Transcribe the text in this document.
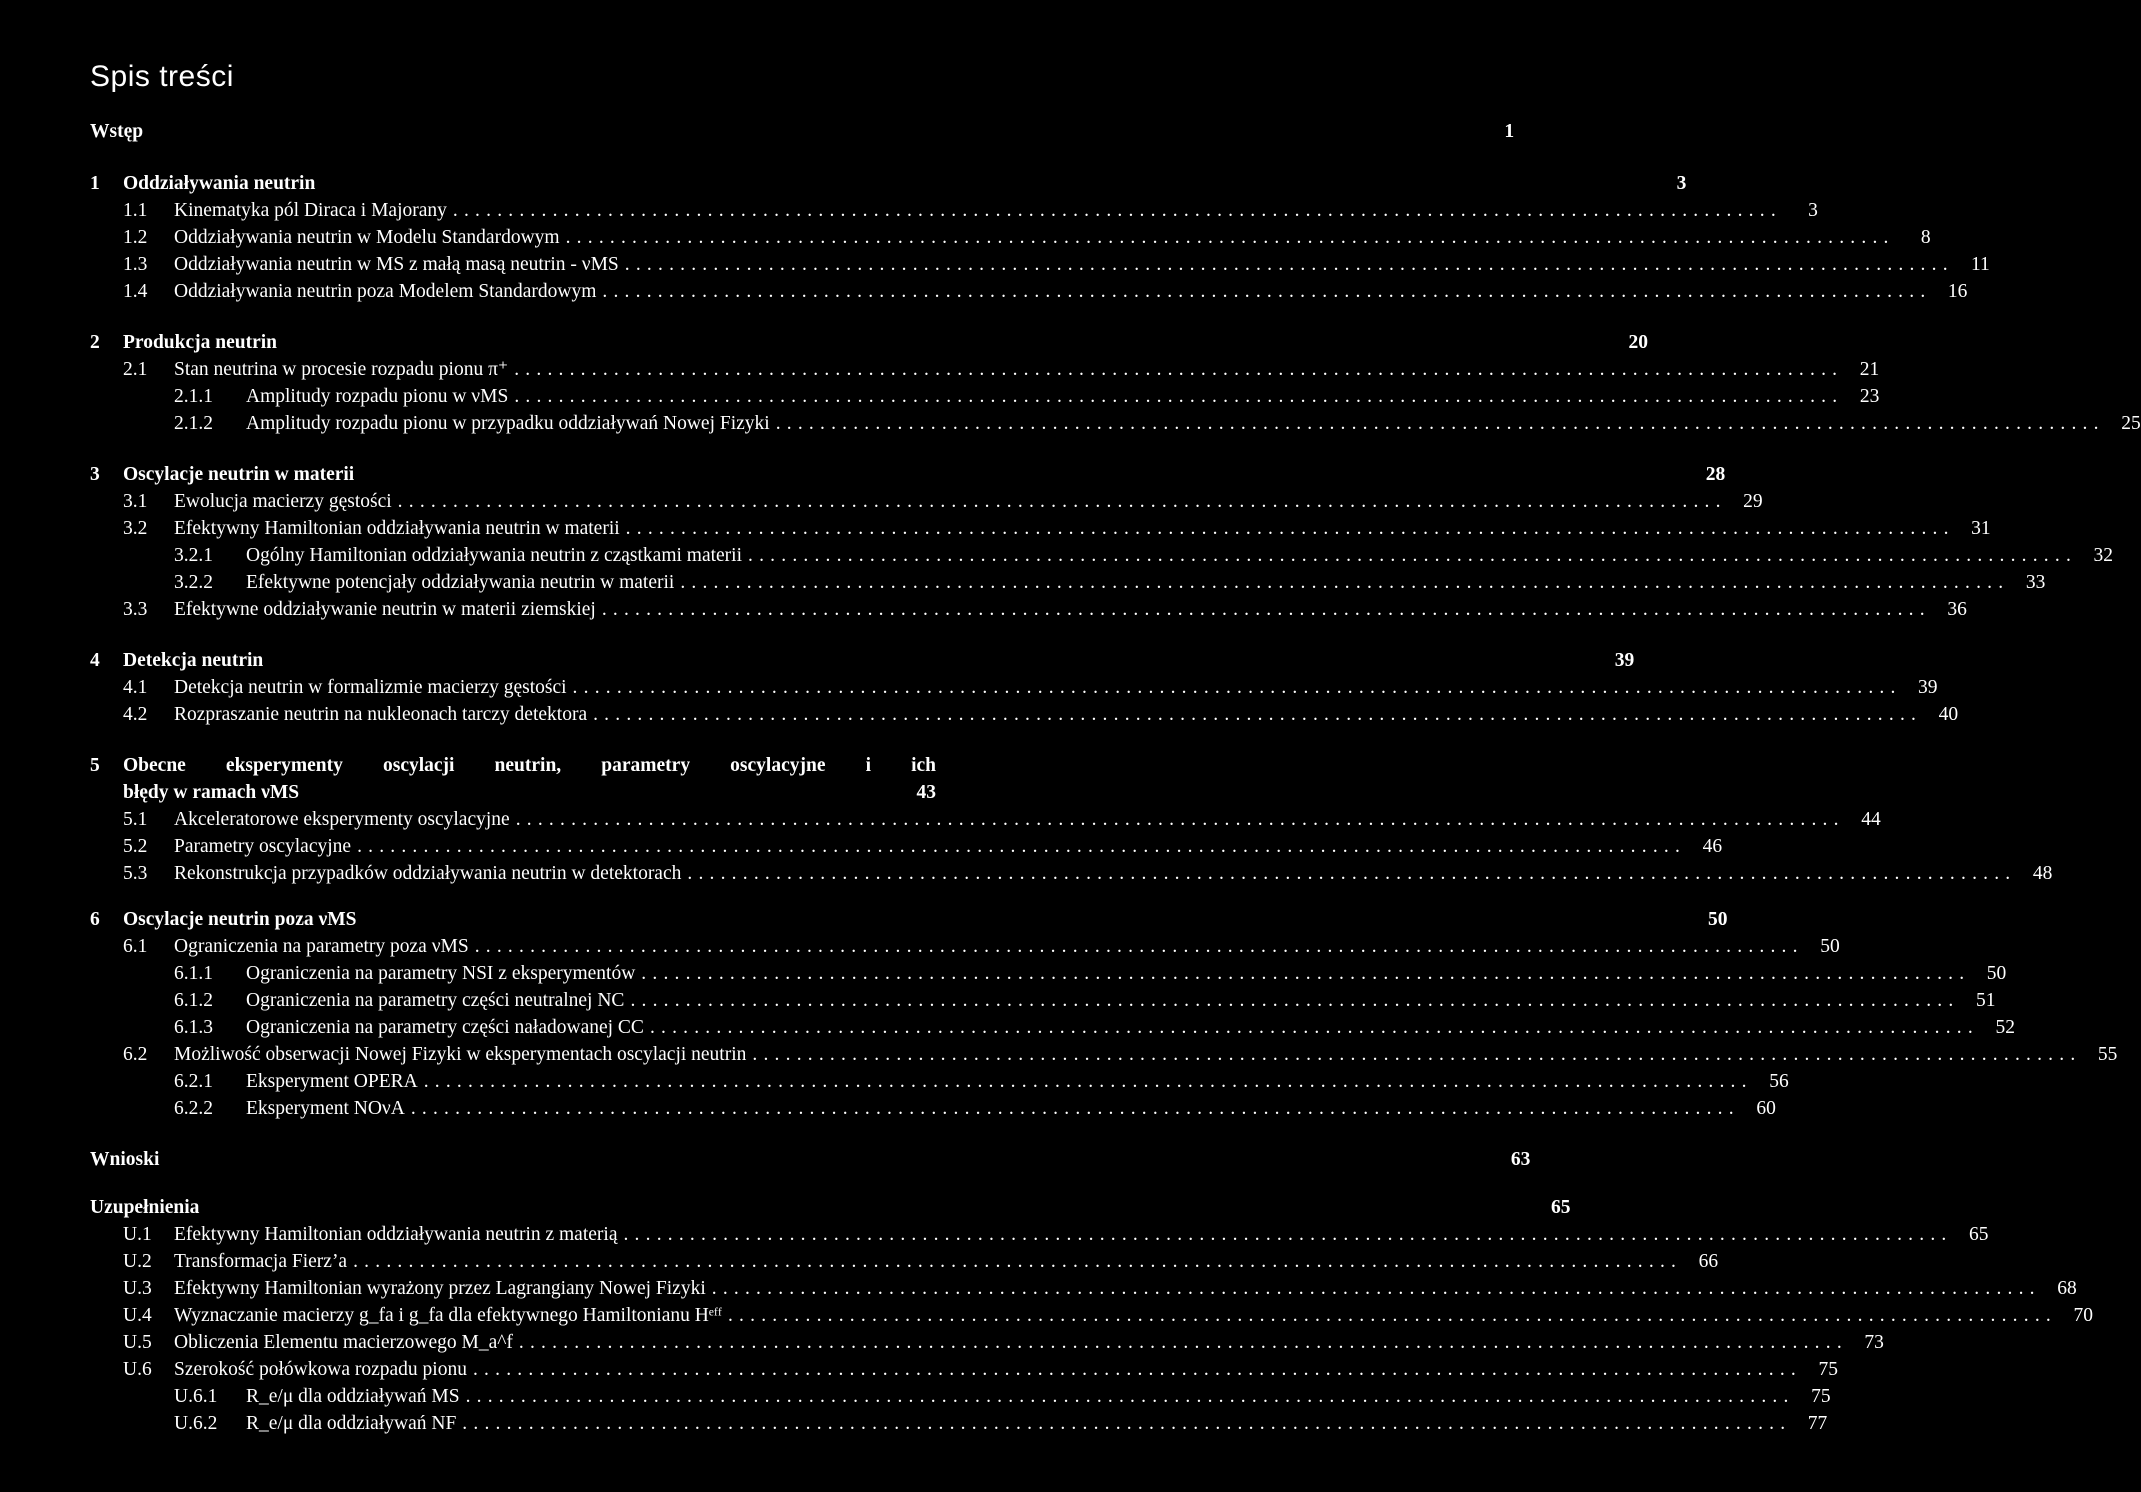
Spis treści
Wstęp	1
1	Oddziaływania neutrin	3
1.1	Kinematyka pól Diraca i Majorany ........................................................................................................................	3
1.2	Oddziaływania neutrin w Modelu Standardowym ........................................................................................................................	8
1.3	Oddziaływania neutrin w MS z małą masą neutrin - νMS ........................................................................................................................ 11
1.4	Oddziaływania neutrin poza Modelem Standardowym ........................................................................................................................ 16
2	Produkcja neutrin	20
2.1	Stan neutrina w procesie rozpadu pionu π⁺ ........................................................................................................................ 21
2.1.1	Amplitudy rozpadu pionu w νMS ........................................................................................................................ 23
2.1.2	Amplitudy rozpadu pionu w przypadku oddziaływań Nowej Fizyki ........................................................................................................................ 25
3	Oscylacje neutrin w materii	28
3.1	Ewolucja macierzy gęstości ........................................................................................................................ 29
3.2	Efektywny Hamiltonian oddziaływania neutrin w materii ........................................................................................................................ 31
3.2.1	Ogólny Hamiltonian oddziaływania neutrin z cząstkami materii ........................................................................................................................ 32
3.2.2	Efektywne potencjały oddziaływania neutrin w materii ........................................................................................................................ 33
3.3	Efektywne oddziaływanie neutrin w materii ziemskiej ........................................................................................................................ 36
4	Detekcja neutrin	39
4.1	Detekcja neutrin w formalizmie macierzy gęstości ........................................................................................................................ 39
4.2	Rozpraszanie neutrin na nukleonach tarczy detektora ........................................................................................................................ 40
5	Obecne eksperymenty oscylacji neutrin, parametry oscylacyjne i ich
błędy w ramach νMS	43
5.1	Akceleratorowe eksperymenty oscylacyjne ........................................................................................................................ 44
5.2	Parametry oscylacyjne ........................................................................................................................ 46
5.3	Rekonstrukcja przypadków oddziaływania neutrin w detektorach ........................................................................................................................ 48
6	Oscylacje neutrin poza νMS	50
6.1	Ograniczenia na parametry poza νMS ........................................................................................................................ 50
6.1.1	Ograniczenia na parametry NSI z eksperymentów ........................................................................................................................ 50
6.1.2	Ograniczenia na parametry części neutralnej NC ........................................................................................................................ 51
6.1.3	Ograniczenia na parametry części naładowanej CC ........................................................................................................................ 52
6.2	Możliwość obserwacji Nowej Fizyki w eksperymentach oscylacji neutrin ........................................................................................................................ 55
6.2.1	Eksperyment OPERA ........................................................................................................................ 56
6.2.2	Eksperyment NOνA ........................................................................................................................ 60
Wnioski	63
Uzupełnienia	65
U.1	Efektywny Hamiltonian oddziaływania neutrin z materią ........................................................................................................................ 65
U.2	Transformacja Fierz’a ........................................................................................................................ 66
U.3	Efektywny Hamiltonian wyrażony przez Lagrangiany Nowej Fizyki ........................................................................................................................ 68
U.4	Wyznaczanie macierzy g_fa i g_fa dla efektywnego Hamiltonianu Hᵉᶠᶠ ........................................................................................................................ 70
U.5	Obliczenia Elementu macierzowego M_a^f ........................................................................................................................ 73
U.6	Szerokość połówkowa rozpadu pionu ........................................................................................................................ 75
U.6.1	R_e/μ dla oddziaływań MS ........................................................................................................................ 75
U.6.2	R_e/μ dla oddziaływań NF ........................................................................................................................ 77
